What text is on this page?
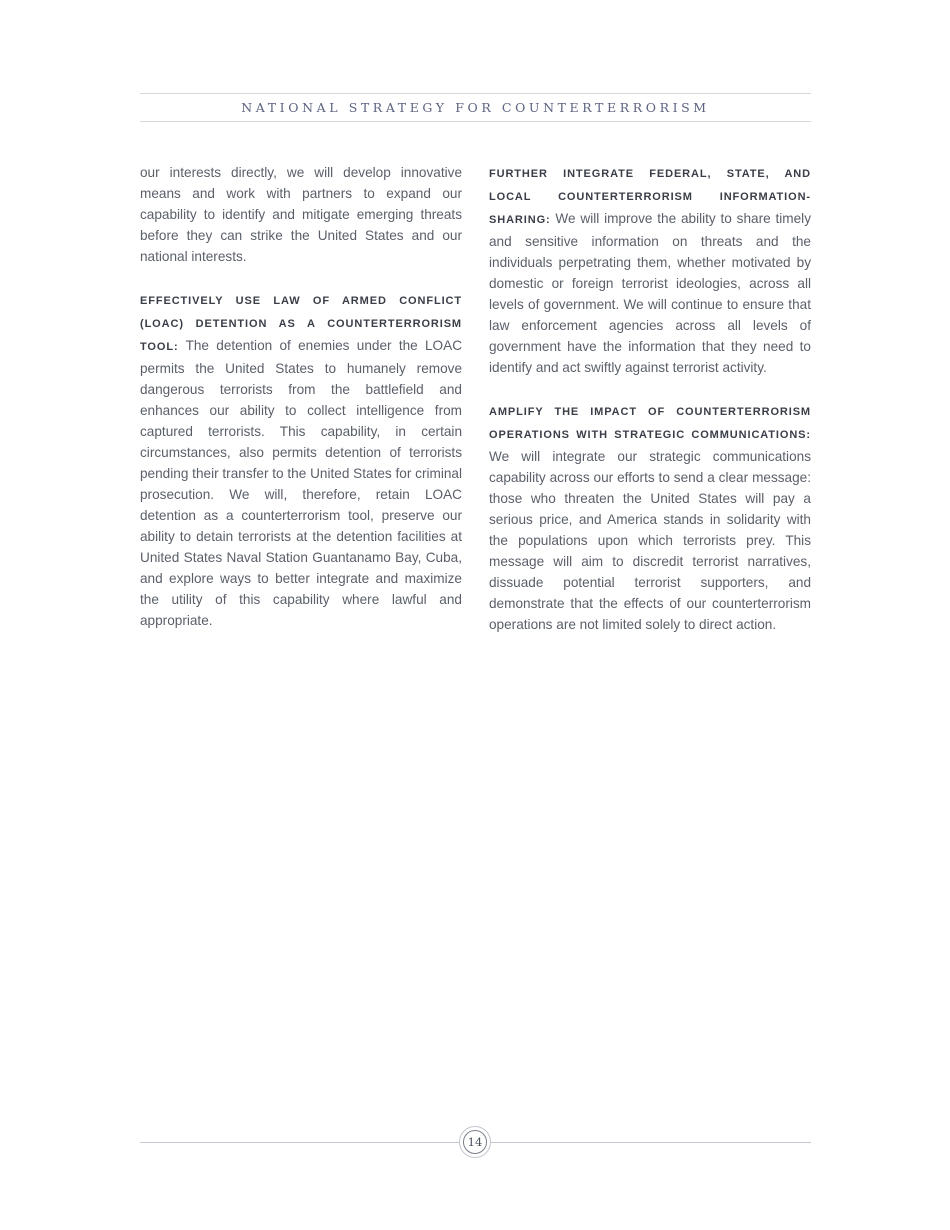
NATIONAL STRATEGY FOR COUNTERTERRORISM

our interests directly, we will develop innovative means and work with partners to expand our capability to identify and mitigate emerging threats before they can strike the United States and our national interests.

EFFECTIVELY USE LAW OF ARMED CONFLICT (LOAC) DETENTION AS A COUNTERTERRORISM TOOL: The detention of enemies under the LOAC permits the United States to humanely remove dangerous terrorists from the battlefield and enhances our ability to collect intelligence from captured terrorists. This capability, in certain circumstances, also permits detention of terrorists pending their transfer to the United States for criminal prosecution. We will, therefore, retain LOAC detention as a counterterrorism tool, preserve our ability to detain terrorists at the detention facilities at United States Naval Station Guantanamo Bay, Cuba, and explore ways to better integrate and maximize the utility of this capability where lawful and appropriate.

FURTHER INTEGRATE FEDERAL, STATE, AND LOCAL COUNTERTERRORISM INFORMATION-SHARING: We will improve the ability to share timely and sensitive information on threats and the individuals perpetrating them, whether motivated by domestic or foreign terrorist ideologies, across all levels of government. We will continue to ensure that law enforcement agencies across all levels of government have the information that they need to identify and act swiftly against terrorist activity.

AMPLIFY THE IMPACT OF COUNTERTERRORISM OPERATIONS WITH STRATEGIC COMMUNICATIONS: We will integrate our strategic communications capability across our efforts to send a clear message: those who threaten the United States will pay a serious price, and America stands in solidarity with the populations upon which terrorists prey. This message will aim to discredit terrorist narratives, dissuade potential terrorist supporters, and demonstrate that the effects of our counterterrorism operations are not limited solely to direct action.

14
